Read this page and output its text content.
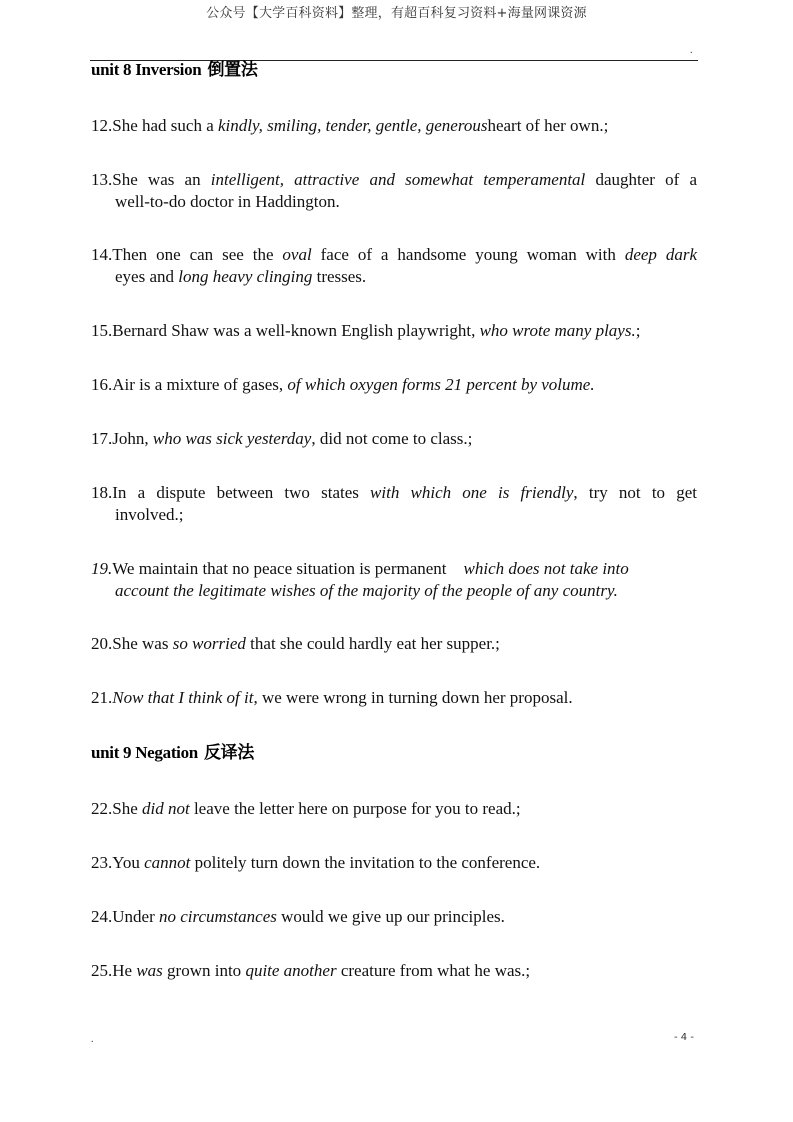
公众号【大学百科资料】整理，有超百科复习资料+海量网课资源
.
unit 8 Inversion 倒置法
12.She had such a kindly, smiling, tender, gentle, generousheart of her own.;
13.She was an intelligent, attractive and somewhat temperamental daughter of a
well-to-do doctor in Haddington.
14.Then one can see the oval face of a handsome young woman with deep dark
eyes and long heavy clinging tresses.
15.Bernard Shaw was a well-known English playwright, who wrote many plays.;
16.Air is a mixture of gases, of which oxygen forms 21 percent by volume.
17.John, who was sick yesterday, did not come to class.;
18.In a dispute between two states with which one is friendly, try not to get
involved.;
19.We maintain that no peace situation is permanent    which does not take into
account the legitimate wishes of the majority of the people of any country.
20.She was so worried that she could hardly eat her supper.;
21.Now that I think of it, we were wrong in turning down her proposal.
unit 9 Negation 反译法
22.She did not leave the letter here on purpose for you to read.;
23.You cannot politely turn down the invitation to the conference.
24.Under no circumstances would we give up our principles.
25.He was grown into quite another creature from what he was.;
.	- 4 -
